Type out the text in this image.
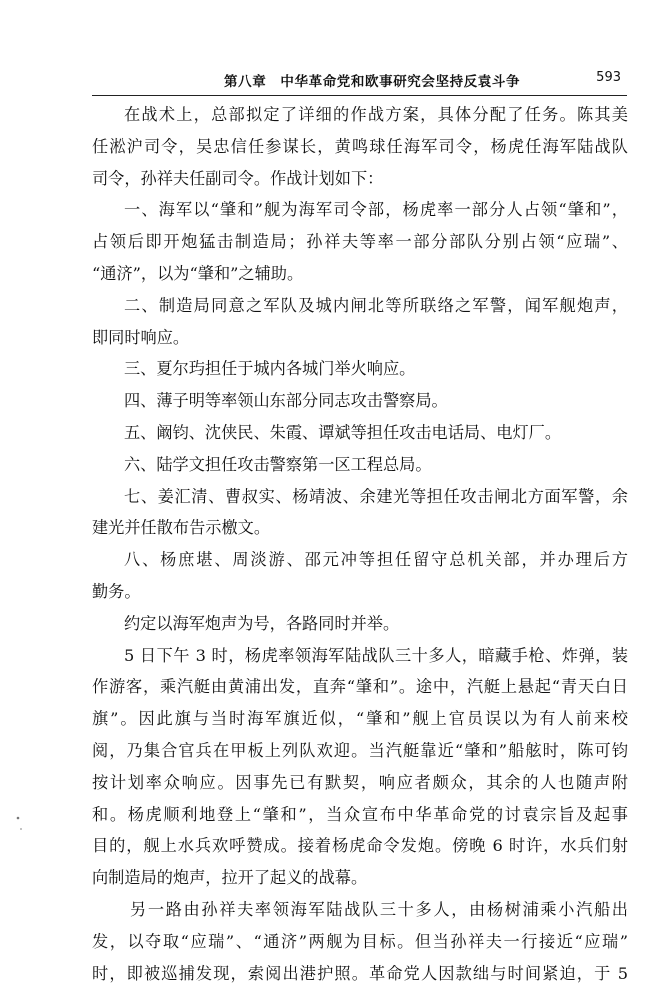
第八章　中华革命党和欧事研究会坚持反袁斗争	593
在战术上，总部拟定了详细的作战方案，具体分配了任务。陈其美
任淞沪司令，吴忠信任参谋长，黄鸣球任海军司令，杨虎任海军陆战队
司令，孙祥夫任副司令。作战计划如下：
一、海军以“肇和”舰为海军司令部，杨虎率一部分人占领“肇和”，
占领后即开炮猛击制造局；孙祥夫等率一部分部队分别占领“应瑞”、
“通济”，以为“肇和”之辅助。
二、制造局同意之军队及城内闸北等所联络之军警，闻军舰炮声，
即同时响应。
三、夏尔玙担任于城内各城门举火响应。
四、薄子明等率领山东部分同志攻击警察局。
五、阚钧、沈侠民、朱霞、谭斌等担任攻击电话局、电灯厂。
六、陆学文担任攻击警察第一区工程总局。
七、姜汇清、曹叔实、杨靖波、余建光等担任攻击闸北方面军警，余
建光并任散布告示檄文。
八、杨庶堪、周淡游、邵元冲等担任留守总机关部，并办理后方
勤务。
约定以海军炮声为号，各路同时并举。
5 日下午 3 时，杨虎率领海军陆战队三十多人，暗藏手枪、炸弹，装
作游客，乘汽艇由黄浦出发，直奔“肇和”。途中，汽艇上悬起“青天白日
旗”。因此旗与当时海军旗近似，“肇和”舰上官员误以为有人前来校
阅，乃集合官兵在甲板上列队欢迎。当汽艇靠近“肇和”船舷时，陈可钧
按计划率众响应。因事先已有默契，响应者颇众，其余的人也随声附
和。杨虎顺利地登上“肇和”，当众宣布中华革命党的讨袁宗旨及起事
目的，舰上水兵欢呼赞成。接着杨虎命令发炮。傍晚 6 时许，水兵们射
向制造局的炮声，拉开了起义的战幕。
另一路由孙祥夫率领海军陆战队三十多人，由杨树浦乘小汽船出
发，以夺取“应瑞”、“通济”两舰为目标。但当孙祥夫一行接近“应瑞”
时，即被巡捕发现，索阅出港护照。革命党人因款绌与时间紧迫，于 5
